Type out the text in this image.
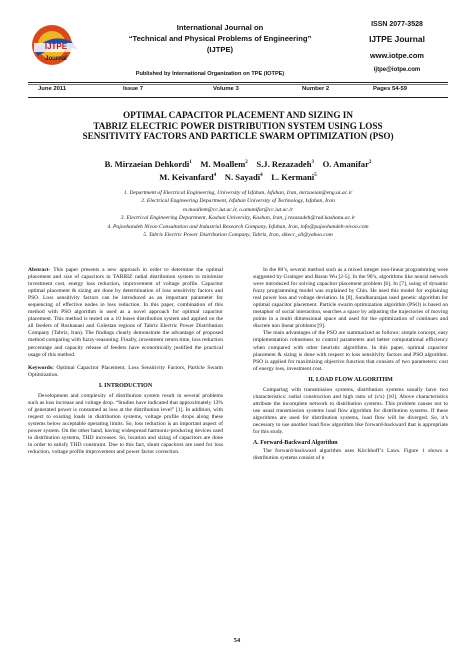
IJTPE
Journal
International Journal on
“Technical and Physical Problems of Engineering”
(IJTPE)
Published by International Organization on TPE (IOTPE)
ISSN 2077-3528
IJTPE Journal
www.iotpe.com
ijtpe@iotpe.com
June 2011	Issue 7	Volume 3	Number 2	Pages 54-59
OPTIMAL CAPACITOR PLACEMENT AND SIZING IN
TABRIZ ELECTRIC POWER DISTRIBUTION SYSTEM USING LOSS
SENSITIVITY FACTORS AND PARTICLE SWARM OPTIMIZATION (PSO)
B. Mirzaeian Dehkordi$^1$ M. Moallem$^2$ S.J. Rezazadeh$^3$ O. Amanifar$^2$
M. Keivanfard$^4$ N. Sayadi$^4$ L. Kermani$^5$
1. Department of Electrical Engineering, University of Isfahan, Isfahan, Iran, mirzaeian@eng.ui.ac.ir
2. Electrical Engineering Department, Isfahan University of Technology, Isfahan, Iran
m.moallem@cc.iut.ac.ir, o.amanifar@cc.iut.ac.ir
3. Electrical Engineering Department, Kashan University, Kashan, Iran, j.rezazadeh@rad.kashanu.ac.ir
4. Pajoohandeh Nivoo Consultation and Industrial Research Company, Isfahan, Iran, info@pajoohandeh-nivoo.com
5. Tabriz Electric Power Distribution Company, Tabriz, Iran, slkecc_sll@yahoo.com

Abstract- This paper presents a new approach in order to determine the optimal placement and size of capacitors in TABRIZ radial distribution system to minimize investment cost, energy loss reduction, improvement of voltage profile. Capacitor optimal placement & sizing are done by determination of loss sensitivity factors and PSO. Loss sensitivity factors can be introduced as an important parameter for sequencing of effective nodes in loss reduction. In this paper, combination of this method with PSO algorithm is used as a novel approach for optimal capacitor placement. This method is tested on a 10 buses distribution system and applied on the all feeders of Roshanaei and Golestan regions of Tabriz Electric Power Distribution Company (Tabriz, Iran). The findings clearly demonstrate the advantage of proposed method comparing with fuzzy-reasoning. Finally, investment return time, loss reduction percentage and capacity release of feeders have economically justified the practical usage of this method.

Keywords: Optimal Capacitor Placement, Loss Sensitivity Factors, Particle Swarm Optimization.

I. INTRODUCTION

Development and complexity of distribution system result in several problems such as loss increase and voltage drop. “Studies have indicated that approximately 13% of generated power is consumed as loss at the distribution level” [1]. In addition, with respect to existing loads in distribution systems, voltage profile drops along these systems below acceptable operating limits. So, loss reduction is an important aspect of power system. On the other hand, having widespread harmonic-producing devices used in distribution systems, THD increases. So, location and sizing of capacitors are done in order to satisfy THD constraint. Due to this fact, shunt capacitors are used for loss reduction, voltage profile improvement and power factor correction.

In the 80’s, several method such as a mixed integer non-linear programming were suggested by Grainger and Baran Wu [2-5]. In the 90’s, algorithms like neural network were introduced for solving capacitor placement problem [6]. In [7], using of dynamic fuzzy programming model was explained by Chin. He used this model for explaining real power loss and voltage deviation. In [8], Sundhararajan used genetic algorithm for optimal capacitor placement. Particle swarm optimization algorithm (PSO) is based on metaphor of social interaction, searches a space by adjusting the trajectories of moving points in a multi dimensional space and used for the optimization of continues and discrete non linear problems [9].

The main advantages of the PSO are summarized as follows: simple concept, easy implementation robustness to control parameters and better computational efficiency when compared with other heuristic algorithms. In this paper, optimal capacitor placement & sizing is done with respect to loss sensitivity factors and PSO algorithm. PSO is applied for maximizing objective function that consists of two parameters: cost of energy loss, investment cost.

II. LOAD FLOW ALGORITHM

Comparing with transmission systems, distribution systems usually have two characteristics: radial construction and high ratio of (r/x) [10]. Above characteristics attribute the incomplete network to distribution systems. This problem causes not to use usual transmission systems load flow algorithm for distribution systems. If these algorithms are used for distribution systems, load flow will be diverged. So, it’s necessary to use another load flow algorithm like forward-backward that is appropriate for this study.

A. Forward-Backward Algorithm

The forward-backward algorithm uses Kirchhoff’s Laws. Figure 1 shows a distribution systems consist of n

54
